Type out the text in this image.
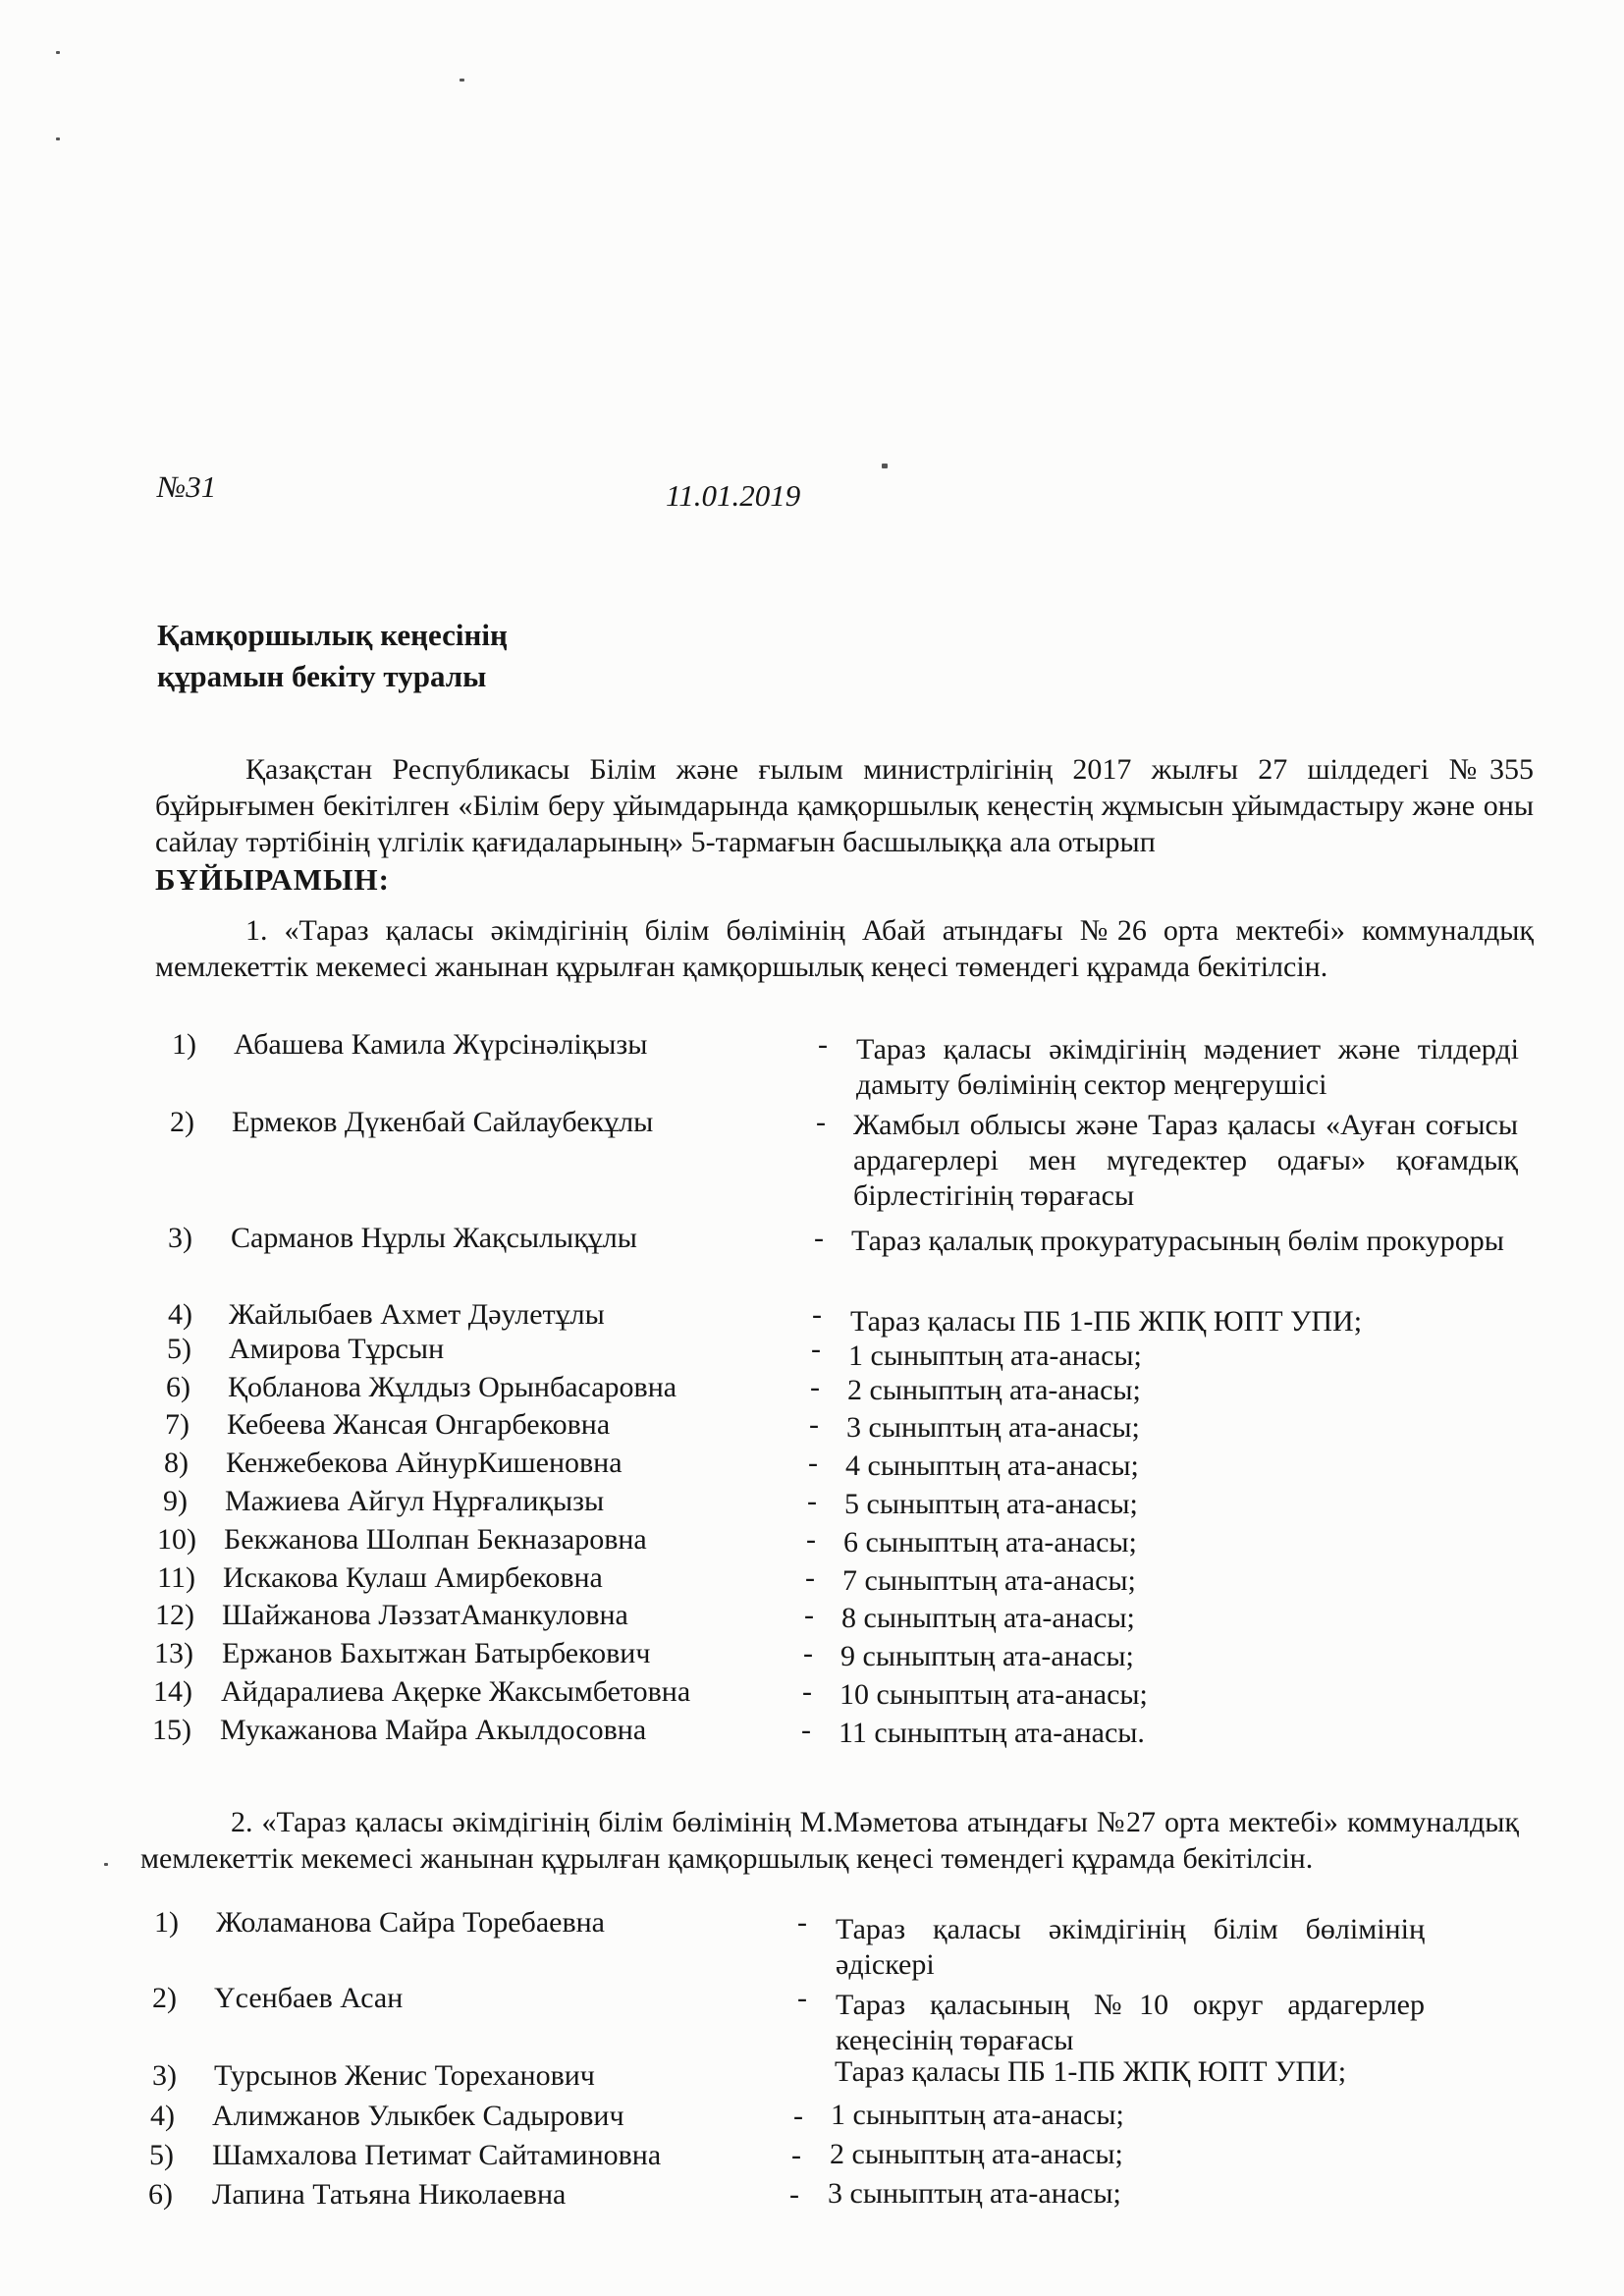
№31	11.01.2019
Қамқоршылық кеңесінің
құрамын бекіту туралы
Қазақстан Республикасы Білім және ғылым министрлігінің 2017 жылғы 27 шілдедегі №355 бұйрығымен бекітілген «Білім беру ұйымдарында қамқоршылық кеңестің жұмысын ұйымдастыру және оны сайлау тәртібінің үлгілік қағидаларының» 5-тармағын басшылыққа ала отырып
БҰЙЫРАМЫН:
1. «Тараз қаласы әкімдігінің білім бөлімінің Абай атындағы №26 орта мектебі» коммуналдық мемлекеттік мекемесі жанынан құрылған қамқоршылық кеңесі төмендегі құрамда бекітілсін.
1) Абашева Камила Жүрсінәліқызы	- Тараз қаласы әкімдігінің мәдениет және тілдерді дамыту бөлімінің сектор меңгерушісі
2) Ермеков Дүкенбай Сайлаубекұлы	- Жамбыл облысы және Тараз қаласы «Ауған соғысы ардагерлері мен мүгедектер одағы» қоғамдық бірлестігінің төрағасы
3) Сарманов Нұрлы Жақсылықұлы	- Тараз қалалық прокуратурасының бөлім прокуроры
4) Жайлыбаев Ахмет Дәулетұлы	- Тараз қаласы ПБ 1-ПБ ЖПҚ ЮПТ УПИ;
5) Амирова Тұрсын	- 1 сыныптың ата-анасы;
6) Қобланова Жұлдыз Орынбасаровна	- 2 сыныптың ата-анасы;
7) Кебеева Жансая Онгарбековна	- 3 сыныптың ата-анасы;
8) Кенжебекова АйнурКишеновна	- 4 сыныптың ата-анасы;
9) Мажиева Айгул Нұрғалиқызы	- 5 сыныптың ата-анасы;
10) Бекжанова Шолпан Бекназаровна	- 6 сыныптың ата-анасы;
11) Искакова Кулаш Амирбековна	- 7 сыныптың ата-анасы;
12) Шайжанова ЛәззатАманкуловна	- 8 сыныптың ата-анасы;
13) Ержанов Бахытжан Батырбекович	- 9 сыныптың ата-анасы;
14) Айдаралиева Ақерке Жаксымбетовна	- 10 сыныптың ата-анасы;
15) Мукажанова Майра Акылдосовна	- 11 сыныптың ата-анасы.
2. «Тараз қаласы әкімдігінің білім бөлімінің М.Мәметова атындағы №27 орта мектебі» коммуналдық мемлекеттік мекемесі жанынан құрылған қамқоршылық кеңесі төмендегі құрамда бекітілсін.
1) Жоламанова Сайра Торебаевна	- Тараз қаласы әкімдігінің білім бөлімінің әдіскері
2) Үсенбаев Асан	- Тараз қаласының №10 округ ардагерлер кеңесінің төрағасы
3) Турсынов Женис Тореханович	Тараз қаласы ПБ 1-ПБ ЖПҚ ЮПТ УПИ;
4) Алимжанов Улыкбек Садырович	- 1 сыныптың ата-анасы;
5) Шамхалова Петимат Сайтаминовна	- 2 сыныптың ата-анасы;
6) Лапина Татьяна Николаевна	- 3 сыныптың ата-анасы;
